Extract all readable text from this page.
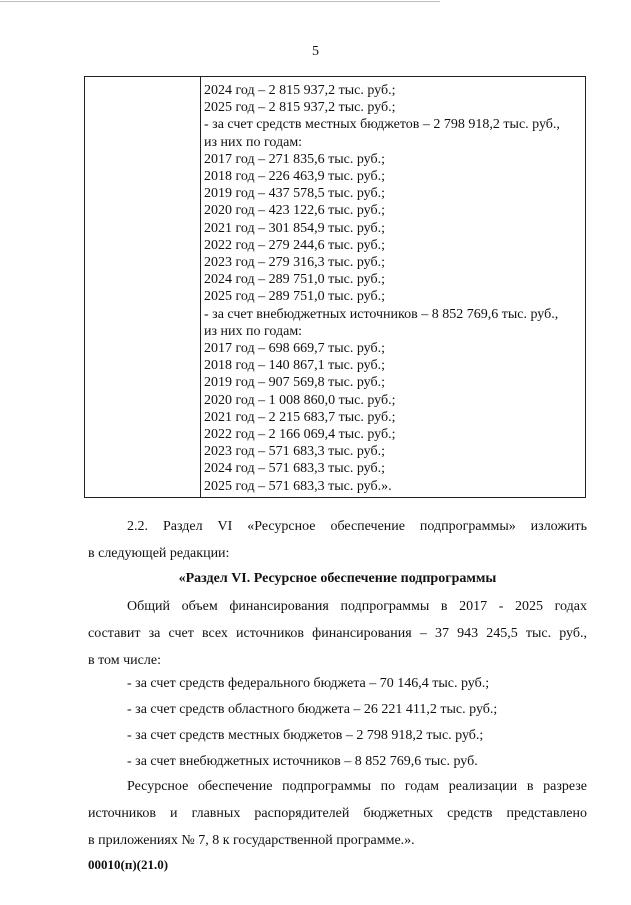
5
2024 год – 2 815 937,2 тыс. руб.;
2025 год – 2 815 937,2 тыс. руб.;
- за счет средств местных бюджетов – 2 798 918,2 тыс. руб.,
из них по годам:
2017 год – 271 835,6 тыс. руб.;
2018 год – 226 463,9 тыс. руб.;
2019 год – 437 578,5 тыс. руб.;
2020 год – 423 122,6 тыс. руб.;
2021 год – 301 854,9 тыс. руб.;
2022 год – 279 244,6 тыс. руб.;
2023 год – 279 316,3 тыс. руб.;
2024 год – 289 751,0 тыс. руб.;
2025 год – 289 751,0 тыс. руб.;
- за счет внебюджетных источников – 8 852 769,6 тыс. руб.,
из них по годам:
2017 год – 698 669,7 тыс. руб.;
2018 год – 140 867,1 тыс. руб.;
2019 год – 907 569,8 тыс. руб.;
2020 год – 1 008 860,0 тыс. руб.;
2021 год – 2 215 683,7 тыс. руб.;
2022 год – 2 166 069,4 тыс. руб.;
2023 год – 571 683,3 тыс. руб.;
2024 год – 571 683,3 тыс. руб.;
2025 год – 571 683,3 тыс. руб.».
2.2. Раздел VI «Ресурсное обеспечение подпрограммы» изложить
в следующей редакции:
«Раздел VI. Ресурсное обеспечение подпрограммы
Общий объем финансирования подпрограммы в 2017 - 2025 годах
составит за счет всех источников финансирования – 37 943 245,5 тыс. руб.,
в том числе:
- за счет средств федерального бюджета – 70 146,4 тыс. руб.;
- за счет средств областного бюджета – 26 221 411,2 тыс. руб.;
- за счет средств местных бюджетов – 2 798 918,2 тыс. руб.;
- за счет внебюджетных источников – 8 852 769,6 тыс. руб.
Ресурсное обеспечение подпрограммы по годам реализации в разрезе
источников и главных распорядителей бюджетных средств представлено
в приложениях № 7, 8 к государственной программе.».
00010(п)(21.0)
